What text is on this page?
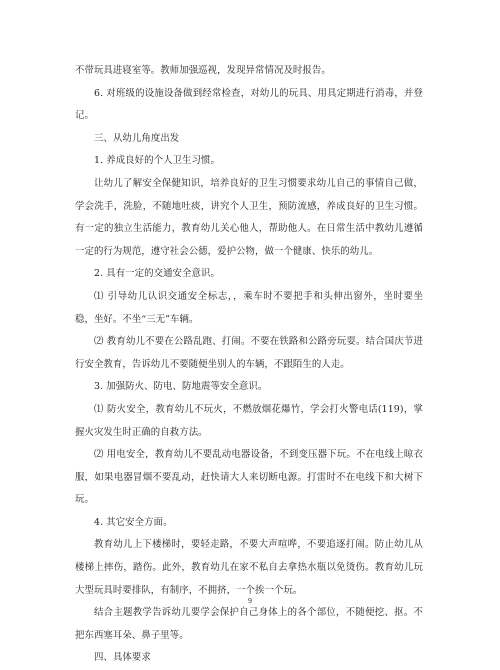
不带玩具进寝室等。教师加强巡视，发现异常情况及时报告。

6. 对班级的设施设备做到经常检查，对幼儿的玩具、用具定期进行消毒，并登记。

三、从幼儿角度出发

1. 养成良好的个人卫生习惯。

让幼儿了解安全保健知识，培养良好的卫生习惯要求幼儿自己的事情自己做，学会洗手，洗脸，不随地吐痰，讲究个人卫生，预防流感，养成良好的卫生习惯。有一定的独立生活能力，教育幼儿关心他人，帮助他人。在日常生活中教幼儿遵循一定的行为规范，遵守社会公德，爱护公物，做一个健康、快乐的幼儿。

2. 具有一定的交通安全意识。

⑴ 引导幼儿认识交通安全标志，，乘车时不要把手和头伸出窗外，坐时要坐稳，坐好。不坐“三无”车辆。

⑵ 教育幼儿不要在公路乱跑、打闹。不要在铁路和公路旁玩耍。结合国庆节进行安全教育，告诉幼儿不要随便坐别人的车辆，不跟陌生的人走。

3. 加强防火、防电、防地震等安全意识。

⑴ 防火安全，教育幼儿不玩火，不燃放烟花爆竹，学会打火警电话(119)，掌握火灾发生时正确的自救方法。

⑵ 用电安全，教育幼儿不要乱动电器设备，不到变压器下玩。不在电线上晾衣服，如果电器冒烟不要乱动，赶快请大人来切断电源。打雷时不在电线下和大树下玩。

4. 其它安全方面。

教育幼儿上下楼梯时，要轻走路，不要大声喧哗，不要追逐打闹。防止幼儿从楼梯上摔伤，踏伤。此外，教育幼儿在家不私自去拿热水瓶以免烫伤。教育幼儿玩大型玩具时要排队，有制序，不拥挤，一个挨一个玩。

结合主题教学告诉幼儿要学会保护自己身体上的各个部位，不随便挖、抠。不把东西塞耳朵、鼻子里等。

四、具体要求

9
